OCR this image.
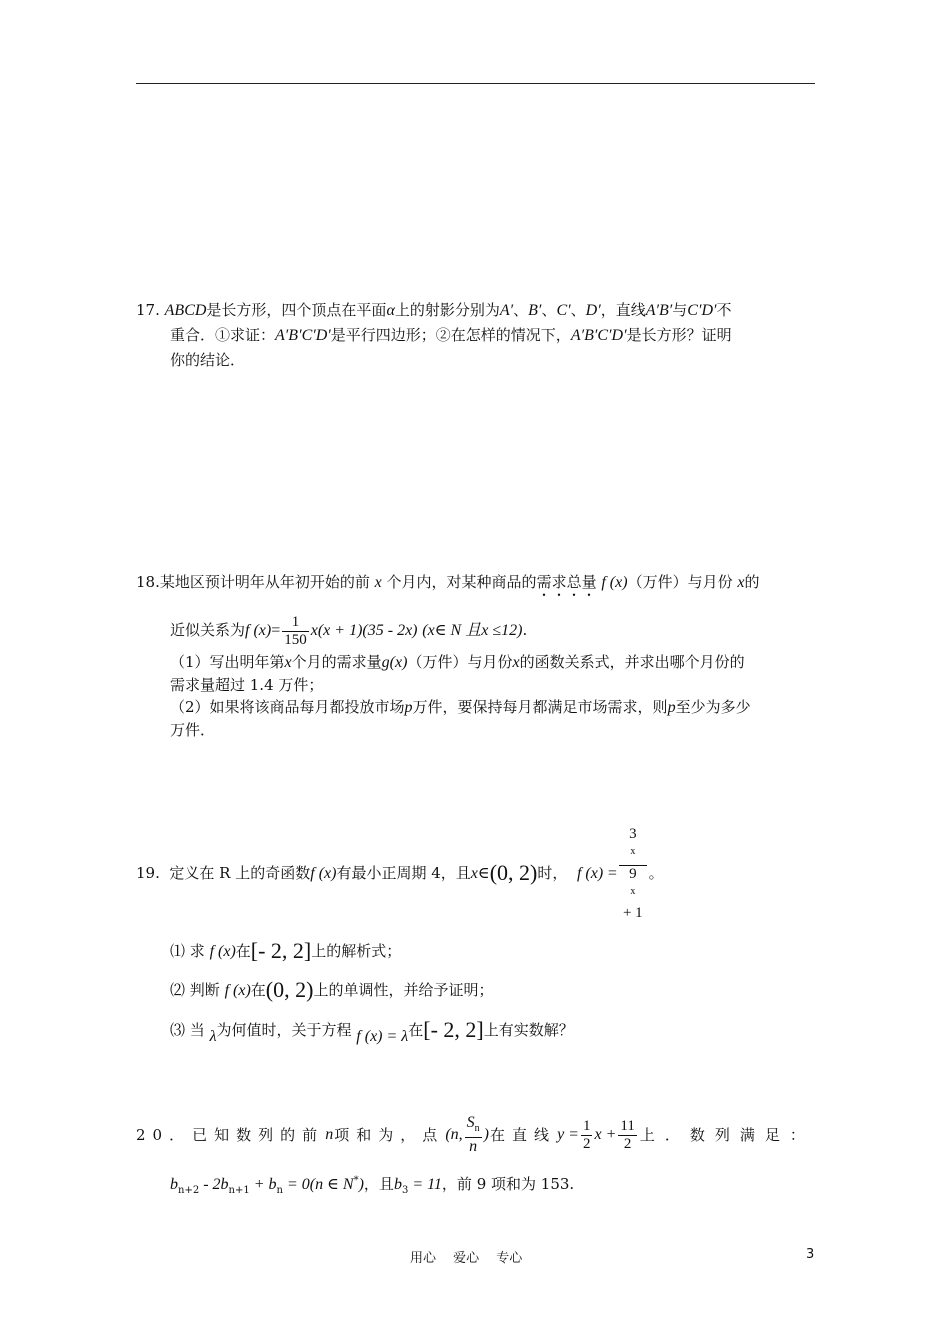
17. ABCD是长方形，四个顶点在平面α上的射影分别为A′、B′、C′、D′，直线A′B′与C′D′不
重合．①求证：A′B′C′D′是平行四边形；②在怎样的情况下，A′B′C′D′是长方形？证明
你的结论．
18.某地区预计明年从年初开始的前 x 个月内，对某种商品的需求总量 f (x)（万件）与月份 x的
近似关系为f $(x)= \frac{1}{150} x(x + 1)(35 - 2x)$ (x∈ N 且x ≤12).
（1）写出明年第x个月的需求量g(x)（万件）与月份x的函数关系式，并求出哪个月份的
需求量超过 1.4 万件；
（2）如果将该商品每月都投放市场p万件，要保持每月都满足市场需求，则p至少为多少
万件．
19. 定义在 R 上的奇函数f (x)有最小正周期 4，且x∈(0, 2)时， f (x) = 3
$^x$
9
$^x$
+ 1 。
⑴ 求 f (x)在[- 2, 2]上的解析式；
⑵ 判断 f (x)在(0, 2)上的单调性，并给予证明；
⑶ 当 λ为何值时，关于方程 f (x) = λ在[- 2, 2]上有实数解？
20． 已知数列的前 n 项和为，点 (n, $\frac{S_n}{n}$ ) 在直线 $y = \frac{1}{2}$ $x + \frac{11}{2}$ 上．数列满足：
$b_{n+2} - 2b_{n+1} + b_n = 0(n$ ∈ N*)，且$b_3 = 11$，前 9 项和为 153.
用心　 爱心　 专心	3
